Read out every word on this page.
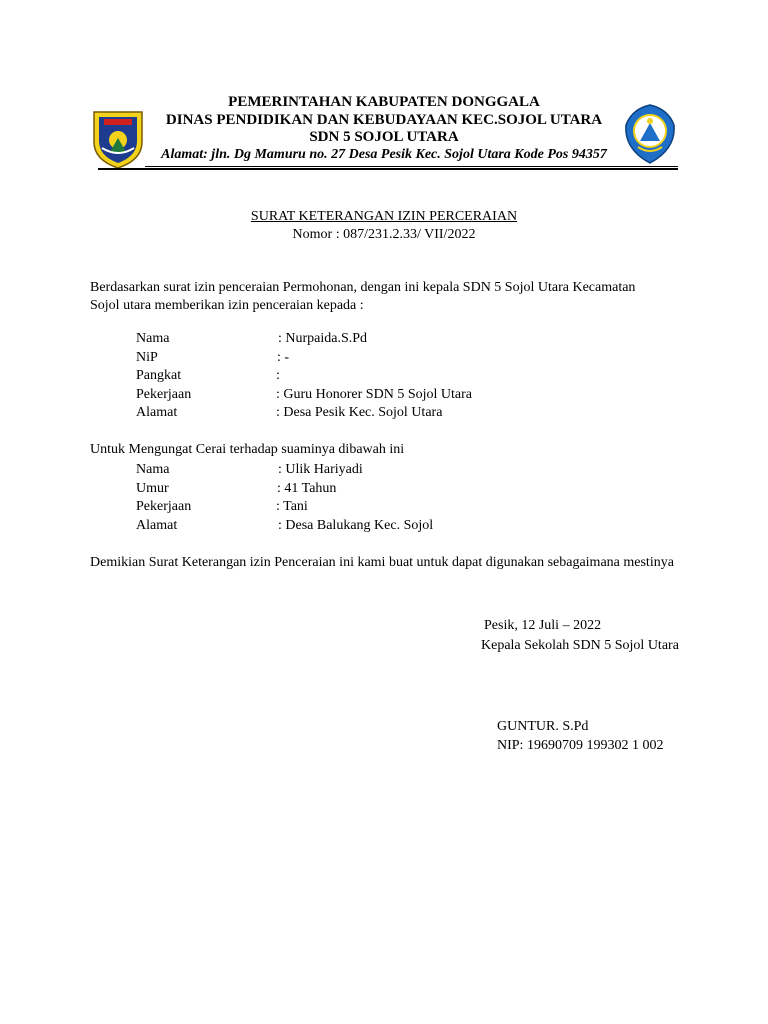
PEMERINTAHAN KABUPATEN DONGGALA
DINAS PENDIDIKAN DAN KEBUDAYAAN KEC.SOJOL UTARA
SDN 5 SOJOL UTARA
Alamat: jln. Dg Mamuru no. 27 Desa Pesik Kec. Sojol Utara Kode Pos 94357
SURAT KETERANGAN IZIN PERCERAIAN
Nomor : 087/231.2.33/ VII/2022
Berdasarkan surat izin penceraian Permohonan, dengan ini kepala SDN 5 Sojol Utara Kecamatan
Sojol utara memberikan izin penceraian kepada :
Nama	: Nurpaida.S.Pd
NiP	: -
Pangkat	:
Pekerjaan	: Guru Honorer SDN 5 Sojol Utara
Alamat	: Desa Pesik Kec. Sojol Utara
Untuk Mengungat Cerai terhadap suaminya dibawah ini
Nama	: Ulik Hariyadi
Umur	: 41 Tahun
Pekerjaan	: Tani
Alamat	: Desa Balukang Kec. Sojol
Demikian Surat Keterangan izin Penceraian ini kami buat untuk dapat digunakan sebagaimana mestinya
Pesik, 12 Juli – 2022
Kepala Sekolah SDN 5 Sojol Utara
GUNTUR. S.Pd
NIP: 19690709 199302 1 002
